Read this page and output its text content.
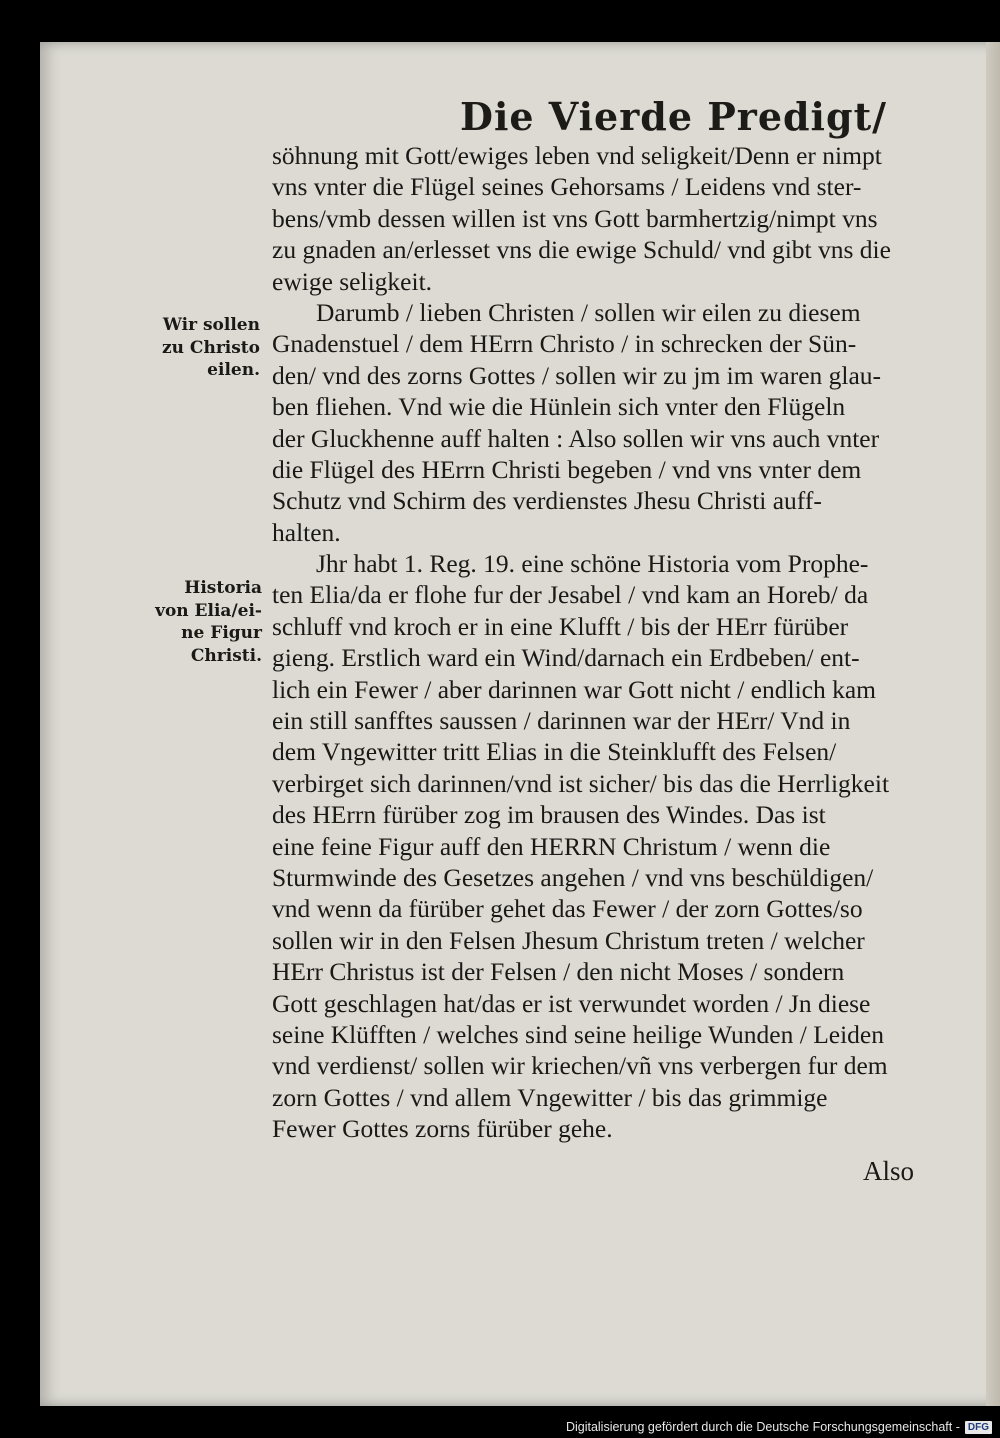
Die Vierde Predigt/
Wir sollen
zu Christo
eilen.
Historia
von Elia/ei-
ne Figur
Christi.
söhnung mit Gott/ewiges leben vnd seligkeit/Denn er nimpt
vns vnter die Flügel seines Gehorsams / Leidens vnd ster-
bens/vmb dessen willen ist vns Gott barmhertzig/nimpt vns
zu gnaden an/erlesset vns die ewige Schuld/ vnd gibt vns die
ewige seligkeit.
Darumb / lieben Christen / sollen wir eilen zu diesem
Gnadenstuel / dem HErrn Christo / in schrecken der Sün-
den/ vnd des zorns Gottes / sollen wir zu jm im waren glau-
ben fliehen. Vnd wie die Hünlein sich vnter den Flügeln
der Gluckhenne auff halten : Also sollen wir vns auch vnter
die Flügel des HErrn Christi begeben / vnd vns vnter dem
Schutz vnd Schirm des verdienstes Jhesu Christi auff-
halten.
Jhr habt 1. Reg. 19. eine schöne Historia vom Prophe-
ten Elia/da er flohe fur der Jesabel / vnd kam an Horeb/ da
schluff vnd kroch er in eine Klufft / bis der HErr fürüber
gieng. Erstlich ward ein Wind/darnach ein Erdbeben/ ent-
lich ein Fewer / aber darinnen war Gott nicht / endlich kam
ein still sanfftes saussen / darinnen war der HErr/ Vnd in
dem Vngewitter tritt Elias in die Steinklufft des Felsen/
verbirget sich darinnen/vnd ist sicher/ bis das die Herrligkeit
des HErrn fürüber zog im brausen des Windes. Das ist
eine feine Figur auff den HERRN Christum / wenn die
Sturmwinde des Gesetzes angehen / vnd vns beschüldigen/
vnd wenn da fürüber gehet das Fewer / der zorn Gottes/so
sollen wir in den Felsen Jhesum Christum treten / welcher
HErr Christus ist der Felsen / den nicht Moses / sondern
Gott geschlagen hat/das er ist verwundet worden / Jn diese
seine Klüfften / welches sind seine heilige Wunden / Leiden
vnd verdienst/ sollen wir kriechen/vñ vns verbergen fur dem
zorn Gottes / vnd allem Vngewitter / bis das grimmige
Fewer Gottes zorns fürüber gehe.
Also
Digitalisierung gefördert durch die Deutsche Forschungsgemeinschaft - DFG
